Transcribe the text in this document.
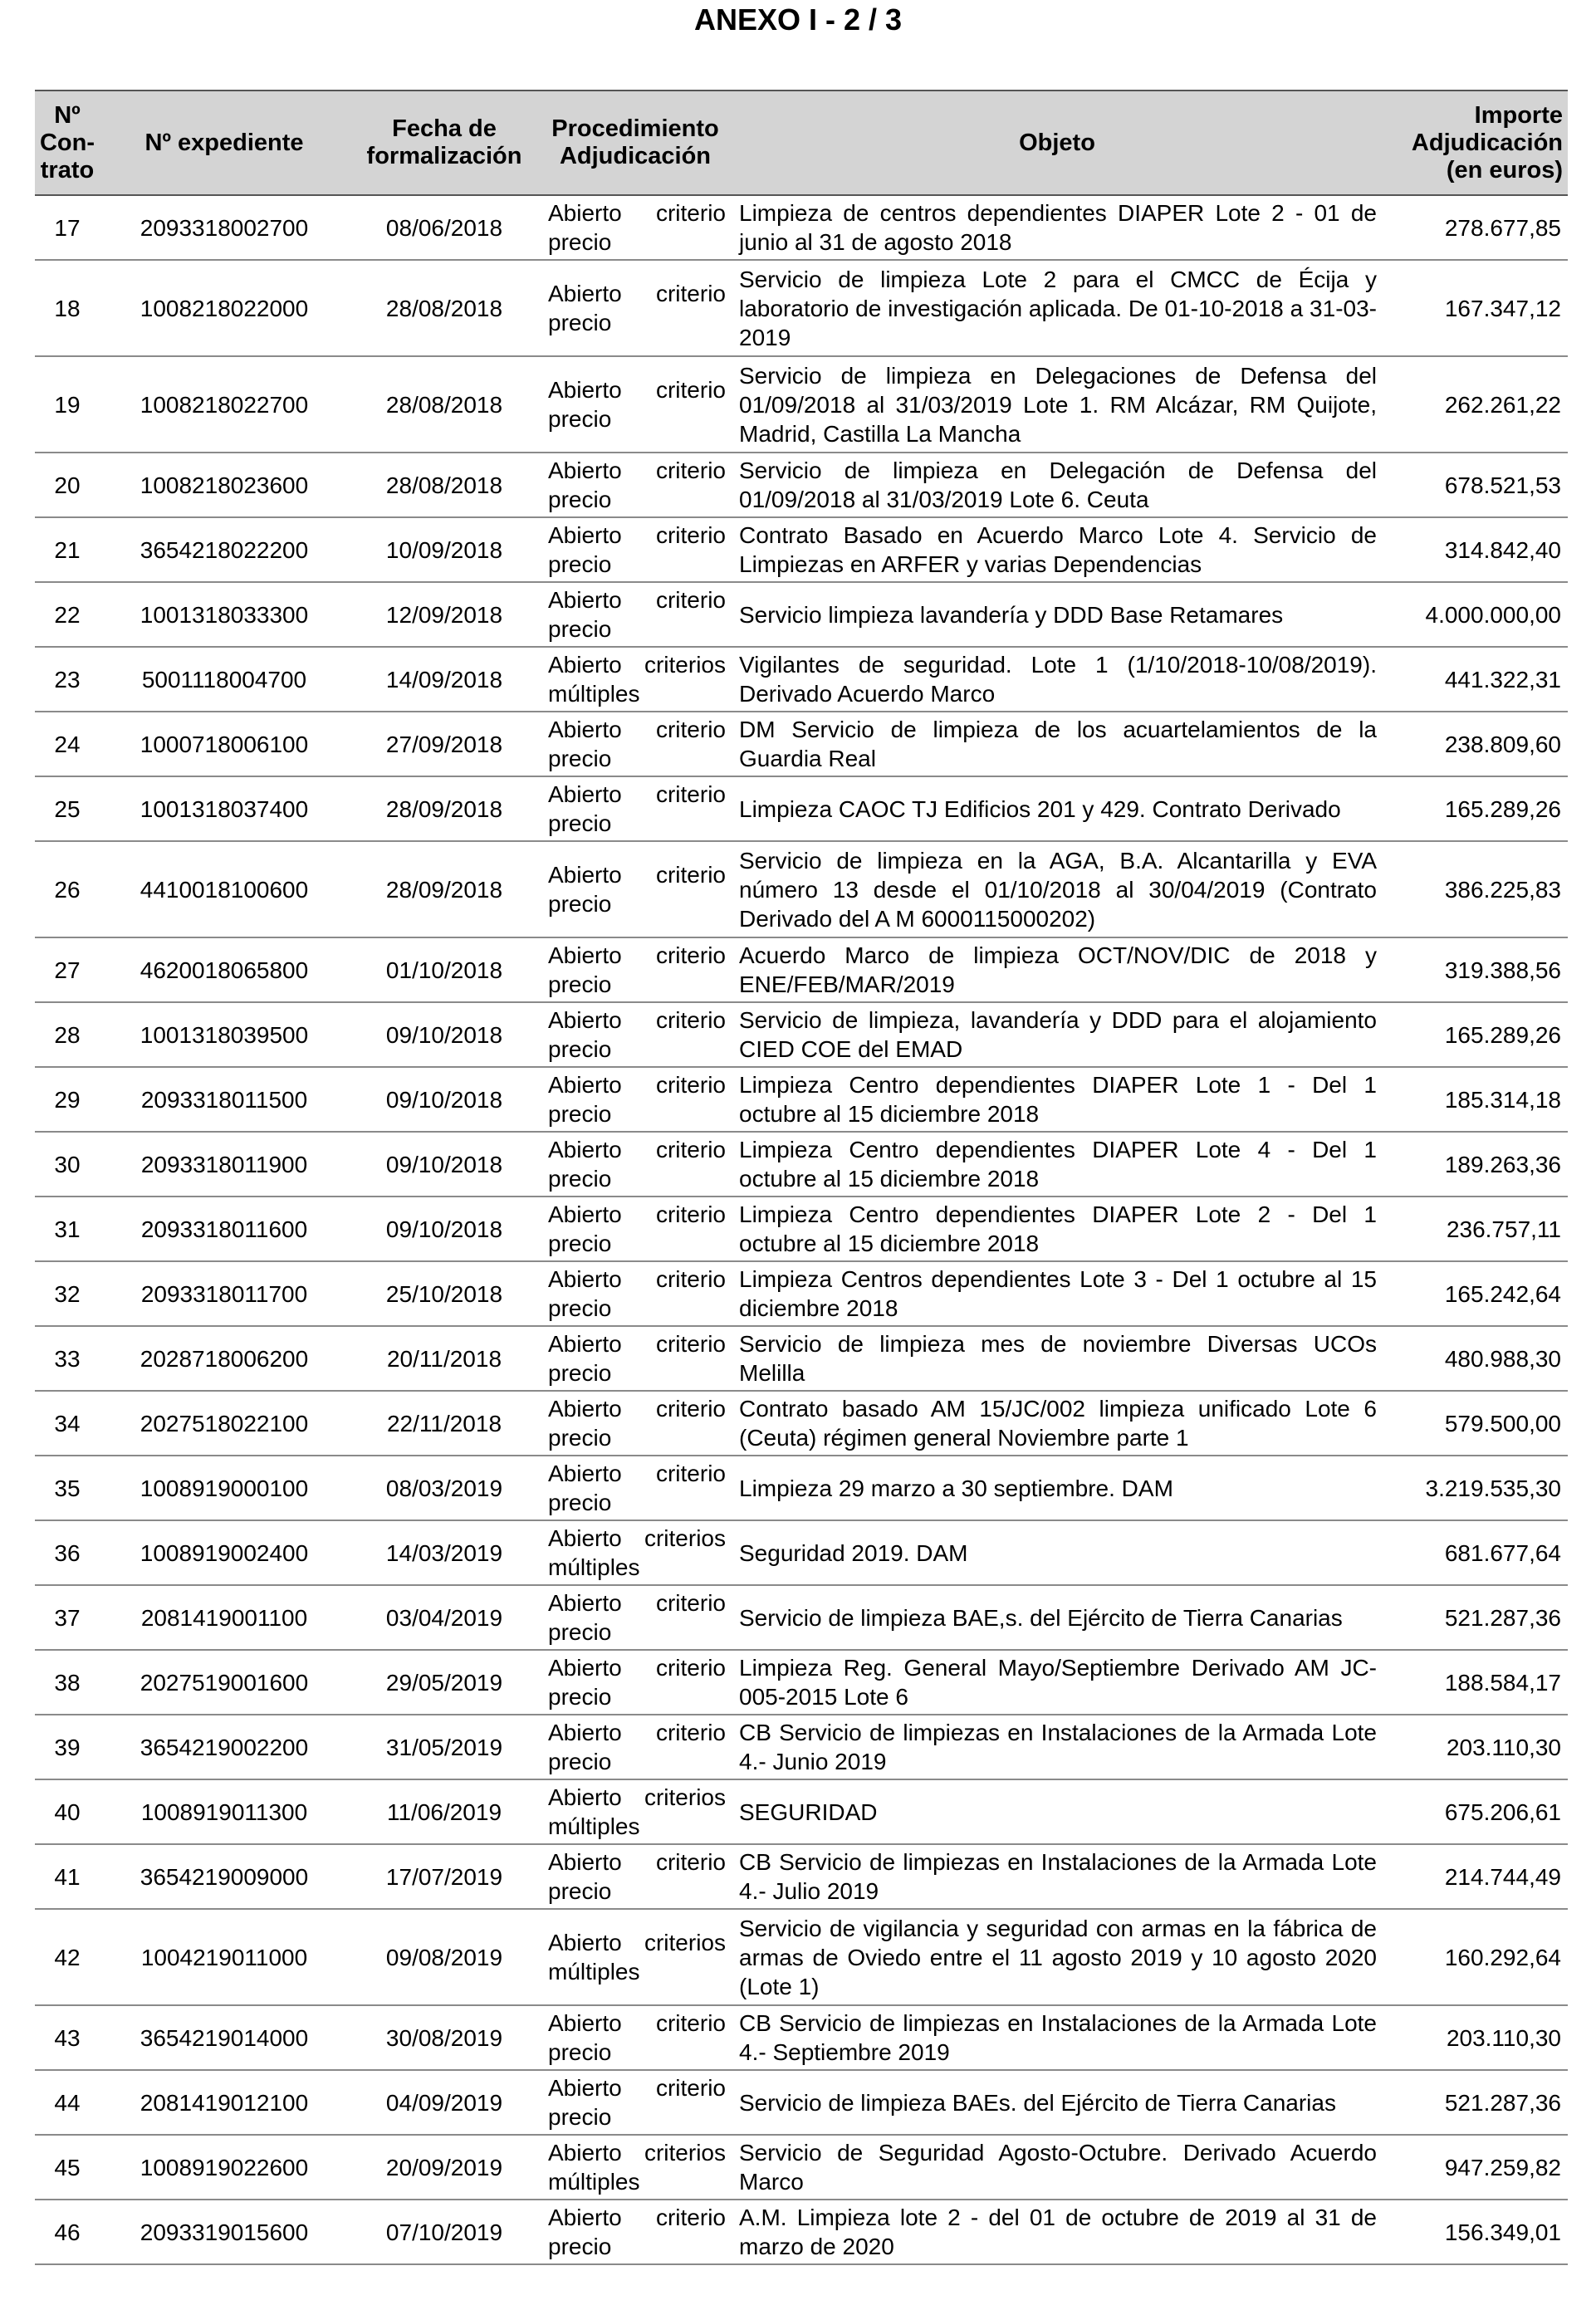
ANEXO I - 2 / 3
Nº Con-trato	Nº expediente	Fecha de formalización	Procedimiento Adjudicación	Objeto	Importe Adjudicación (en euros)
17	2093318002700	08/06/2018	Abierto criterio precio	Limpieza de centros dependientes DIAPER Lote 2 - 01 de junio al 31 de agosto 2018	278.677,85
18	1008218022000	28/08/2018	Abierto criterio precio	Servicio de limpieza Lote 2 para el CMCC de Écija y laboratorio de investigación aplicada. De 01-10-2018 a 31-03-2019	167.347,12
19	1008218022700	28/08/2018	Abierto criterio precio	Servicio de limpieza en Delegaciones de Defensa del 01/09/2018 al 31/03/2019 Lote 1. RM Alcázar, RM Quijote, Madrid, Castilla La Mancha	262.261,22
20	1008218023600	28/08/2018	Abierto criterio precio	Servicio de limpieza en Delegación de Defensa del 01/09/2018 al 31/03/2019 Lote 6. Ceuta	678.521,53
21	3654218022200	10/09/2018	Abierto criterio precio	Contrato Basado en Acuerdo Marco Lote 4. Servicio de Limpiezas en ARFER y varias Dependencias	314.842,40
22	1001318033300	12/09/2018	Abierto criterio precio	Servicio limpieza lavandería y DDD Base Retamares	4.000.000,00
23	5001118004700	14/09/2018	Abierto criterios múltiples	Vigilantes de seguridad. Lote 1 (1/10/2018-10/08/2019). Derivado Acuerdo Marco	441.322,31
24	1000718006100	27/09/2018	Abierto criterio precio	DM Servicio de limpieza de los acuartelamientos de la Guardia Real	238.809,60
25	1001318037400	28/09/2018	Abierto criterio precio	Limpieza CAOC TJ Edificios 201 y 429. Contrato Derivado	165.289,26
26	4410018100600	28/09/2018	Abierto criterio precio	Servicio de limpieza en la AGA, B.A. Alcantarilla y EVA número 13 desde el 01/10/2018 al 30/04/2019 (Contrato Derivado del A M 6000115000202)	386.225,83
27	4620018065800	01/10/2018	Abierto criterio precio	Acuerdo Marco de limpieza OCT/NOV/DIC de 2018 y ENE/FEB/MAR/2019	319.388,56
28	1001318039500	09/10/2018	Abierto criterio precio	Servicio de limpieza, lavandería y DDD para el alojamiento CIED COE del EMAD	165.289,26
29	2093318011500	09/10/2018	Abierto criterio precio	Limpieza Centro dependientes DIAPER Lote 1 - Del 1 octubre al 15 diciembre 2018	185.314,18
30	2093318011900	09/10/2018	Abierto criterio precio	Limpieza Centro dependientes DIAPER Lote 4 - Del 1 octubre al 15 diciembre 2018	189.263,36
31	2093318011600	09/10/2018	Abierto criterio precio	Limpieza Centro dependientes DIAPER Lote 2 - Del 1 octubre al 15 diciembre 2018	236.757,11
32	2093318011700	25/10/2018	Abierto criterio precio	Limpieza Centros dependientes Lote 3 - Del 1 octubre al 15 diciembre 2018	165.242,64
33	2028718006200	20/11/2018	Abierto criterio precio	Servicio de limpieza mes de noviembre Diversas UCOs Melilla	480.988,30
34	2027518022100	22/11/2018	Abierto criterio precio	Contrato basado AM 15/JC/002 limpieza unificado Lote 6 (Ceuta) régimen general Noviembre parte 1	579.500,00
35	1008919000100	08/03/2019	Abierto criterio precio	Limpieza 29 marzo a 30 septiembre. DAM	3.219.535,30
36	1008919002400	14/03/2019	Abierto criterios múltiples	Seguridad 2019. DAM	681.677,64
37	2081419001100	03/04/2019	Abierto criterio precio	Servicio de limpieza BAE,s. del Ejército de Tierra Canarias	521.287,36
38	2027519001600	29/05/2019	Abierto criterio precio	Limpieza Reg. General Mayo/Septiembre Derivado AM JC-005-2015 Lote 6	188.584,17
39	3654219002200	31/05/2019	Abierto criterio precio	CB Servicio de limpiezas en Instalaciones de la Armada Lote 4.- Junio 2019	203.110,30
40	1008919011300	11/06/2019	Abierto criterios múltiples	SEGURIDAD	675.206,61
41	3654219009000	17/07/2019	Abierto criterio precio	CB Servicio de limpiezas en Instalaciones de la Armada Lote 4.- Julio 2019	214.744,49
42	1004219011000	09/08/2019	Abierto criterios múltiples	Servicio de vigilancia y seguridad con armas en la fábrica de armas de Oviedo entre el 11 agosto 2019 y 10 agosto 2020 (Lote 1)	160.292,64
43	3654219014000	30/08/2019	Abierto criterio precio	CB Servicio de limpiezas en Instalaciones de la Armada Lote 4.- Septiembre 2019	203.110,30
44	2081419012100	04/09/2019	Abierto criterio precio	Servicio de limpieza BAEs. del Ejército de Tierra Canarias	521.287,36
45	1008919022600	20/09/2019	Abierto criterios múltiples	Servicio de Seguridad Agosto-Octubre. Derivado Acuerdo Marco	947.259,82
46	2093319015600	07/10/2019	Abierto criterio precio	A.M. Limpieza lote 2 - del 01 de octubre de 2019 al 31 de marzo de 2020	156.349,01
